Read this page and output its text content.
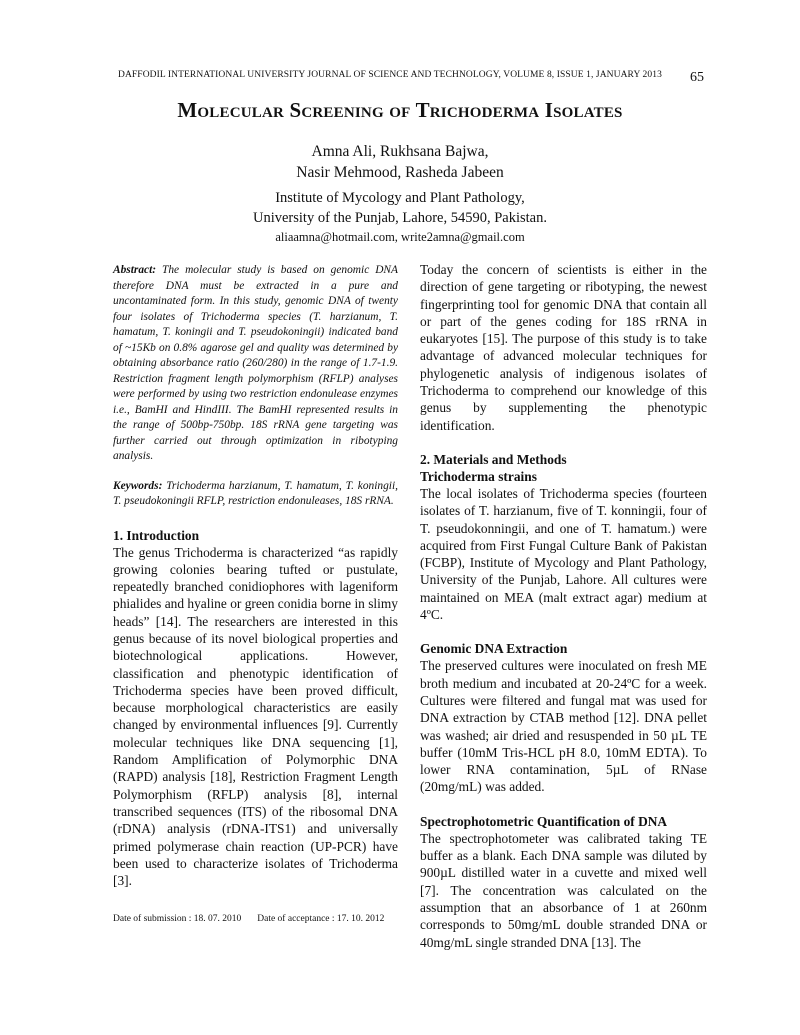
DAFFODIL INTERNATIONAL UNIVERSITY JOURNAL OF SCIENCE AND TECHNOLOGY, VOLUME 8, ISSUE 1, JANUARY 2013 65
Molecular Screening of Trichoderma Isolates
Amna Ali, Rukhsana Bajwa,
Nasir Mehmood, Rasheda Jabeen
Institute of Mycology and Plant Pathology,
University of the Punjab, Lahore, 54590, Pakistan.
aliaamna@hotmail.com, write2amna@gmail.com

Abstract: The molecular study is based on genomic DNA therefore DNA must be extracted in a pure and uncontaminated form. In this study, genomic DNA of twenty four isolates of Trichoderma species (T. harzianum, T. hamatum, T. koningii and T. pseudokoningii) indicated band of ~15Kb on 0.8% agarose gel and quality was determined by obtaining absorbance ratio (260/280) in the range of 1.7-1.9. Restriction fragment length polymorphism (RFLP) analyses were performed by using two restriction endonulease enzymes i.e., BamHI and HindIII. The BamHI represented results in the range of 500bp-750bp. 18S rRNA gene targeting was further carried out through optimization in ribotyping analysis.

Keywords: Trichoderma harzianum, T. hamatum, T. koningii, T. pseudokoningii RFLP, restriction endonuleases, 18S rRNA.

1. Introduction

The genus Trichoderma is characterized “as rapidly growing colonies bearing tufted or pustulate, repeatedly branched conidiophores with lageniform phialides and hyaline or green conidia borne in slimy heads” [14]. The researchers are interested in this genus because of its novel biological properties and biotechnological applications. However, classification and phenotypic identification of Trichoderma species have been proved difficult, because morphological characteristics are easily changed by environmental influences [9]. Currently molecular techniques like DNA sequencing [1], Random Amplification of Polymorphic DNA (RAPD) analysis [18], Restriction Fragment Length Polymorphism (RFLP) analysis [8], internal transcribed sequences (ITS) of the ribosomal DNA (rDNA) analysis (rDNA-ITS1) and universally primed polymerase chain reaction (UP-PCR) have been used to characterize isolates of Trichoderma [3].

Today the concern of scientists is either in the direction of gene targeting or ribotyping, the newest fingerprinting tool for genomic DNA that contain all or part of the genes coding for 18S rRNA in eukaryotes [15]. The purpose of this study is to take advantage of advanced molecular techniques for phylogenetic analysis of indigenous isolates of Trichoderma to comprehend our knowledge of this genus by supplementing the phenotypic identification.

2. Materials and Methods

Trichoderma strains

The local isolates of Trichoderma species (fourteen isolates of T. harzianum, five of T. konningii, four of T. pseudokonningii, and one of T. hamatum.) were acquired from First Fungal Culture Bank of Pakistan (FCBP), Institute of Mycology and Plant Pathology, University of the Punjab, Lahore. All cultures were maintained on MEA (malt extract agar) medium at 4ºC.

Genomic DNA Extraction

The preserved cultures were inoculated on fresh ME broth medium and incubated at 20-24ºC for a week. Cultures were filtered and fungal mat was used for DNA extraction by CTAB method [12]. DNA pellet was washed; air dried and resuspended in 50 µL TE buffer (10mM Tris-HCL pH 8.0, 10mM EDTA). To lower RNA contamination, 5µL of RNase (20mg/mL) was added.

Spectrophotometric Quantification of DNA

The spectrophotometer was calibrated taking TE buffer as a blank. Each DNA sample was diluted by 900µL distilled water in a cuvette and mixed well [7]. The concentration was calculated on the assumption that an absorbance of 1 at 260nm corresponds to 50mg/mL double stranded DNA or 40mg/mL single stranded DNA [13]. The

Date of submission : 18. 07. 2010 Date of acceptance : 17. 10. 2012
